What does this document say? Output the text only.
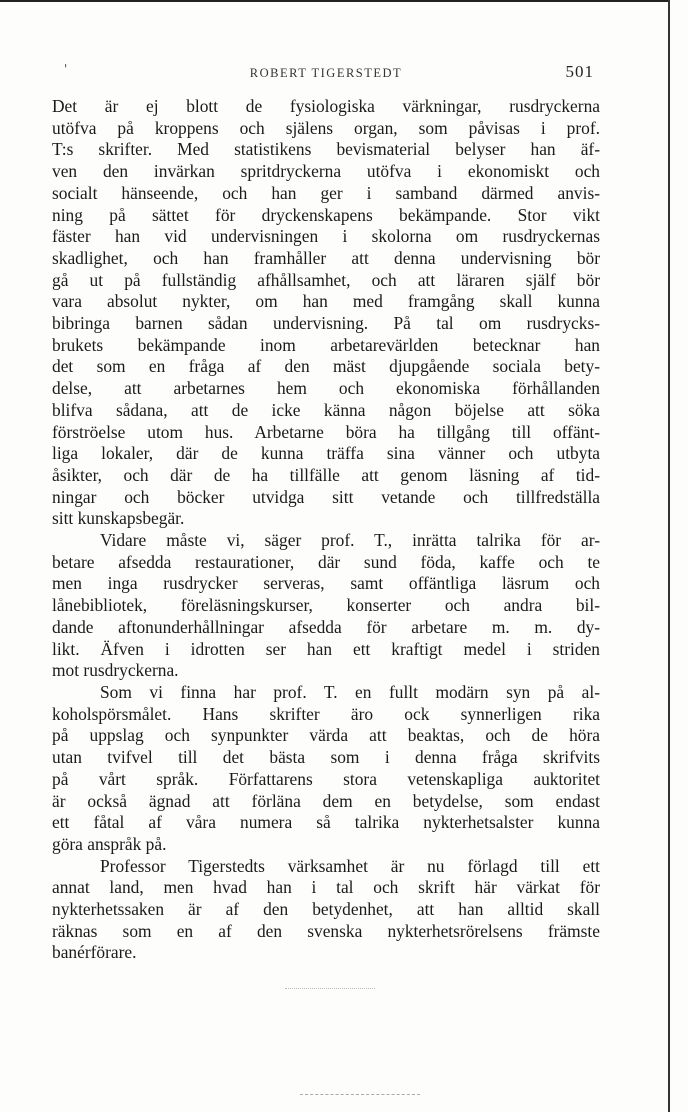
'	ROBERT TIGERSTEDT	501
Det är ej blott de fysiologiska värkningar, rusdryckerna
utöfva på kroppens och själens organ, som påvisas i prof.
T:s skrifter. Med statistikens bevismaterial belyser han äf-
ven den invärkan spritdryckerna utöfva i ekonomiskt och
socialt hänseende, och han ger i samband därmed anvis-
ning på sättet för dryckenskapens bekämpande. Stor vikt
fäster han vid undervisningen i skolorna om rusdryckernas
skadlighet, och han framhåller att denna undervisning bör
gå ut på fullständig afhållsamhet, och att läraren själf bör
vara absolut nykter, om han med framgång skall kunna
bibringa barnen sådan undervisning. På tal om rusdrycks-
brukets bekämpande inom arbetarevärlden betecknar han
det som en fråga af den mäst djupgående sociala bety-
delse, att arbetarnes hem och ekonomiska förhållanden
blifva sådana, att de icke känna någon böjelse att söka
förströelse utom hus. Arbetarne böra ha tillgång till offänt-
liga lokaler, där de kunna träffa sina vänner och utbyta
åsikter, och där de ha tillfälle att genom läsning af tid-
ningar och böcker utvidga sitt vetande och tillfredställa
sitt kunskapsbegär.
Vidare måste vi, säger prof. T., inrätta talrika för ar-
betare afsedda restaurationer, där sund föda, kaffe och te
men inga rusdrycker serveras, samt offäntliga läsrum och
lånebibliotek, föreläsningskurser, konserter och andra bil-
dande aftonunderhållningar afsedda för arbetare m. m. dy-
likt. Äfven i idrotten ser han ett kraftigt medel i striden
mot rusdryckerna.
Som vi finna har prof. T. en fullt modärn syn på al-
koholspörsmålet. Hans skrifter äro ock synnerligen rika
på uppslag och synpunkter värda att beaktas, och de höra
utan tvifvel till det bästa som i denna fråga skrifvits
på vårt språk. Författarens stora vetenskapliga auktoritet
är också ägnad att förläna dem en betydelse, som endast
ett fåtal af våra numera så talrika nykterhetsalster kunna
göra anspråk på.
Professor Tigerstedts värksamhet är nu förlagd till ett
annat land, men hvad han i tal och skrift här värkat för
nykterhetssaken är af den betydenhet, att han alltid skall
räknas som en af den svenska nykterhetsrörelsens främste
banérförare.
